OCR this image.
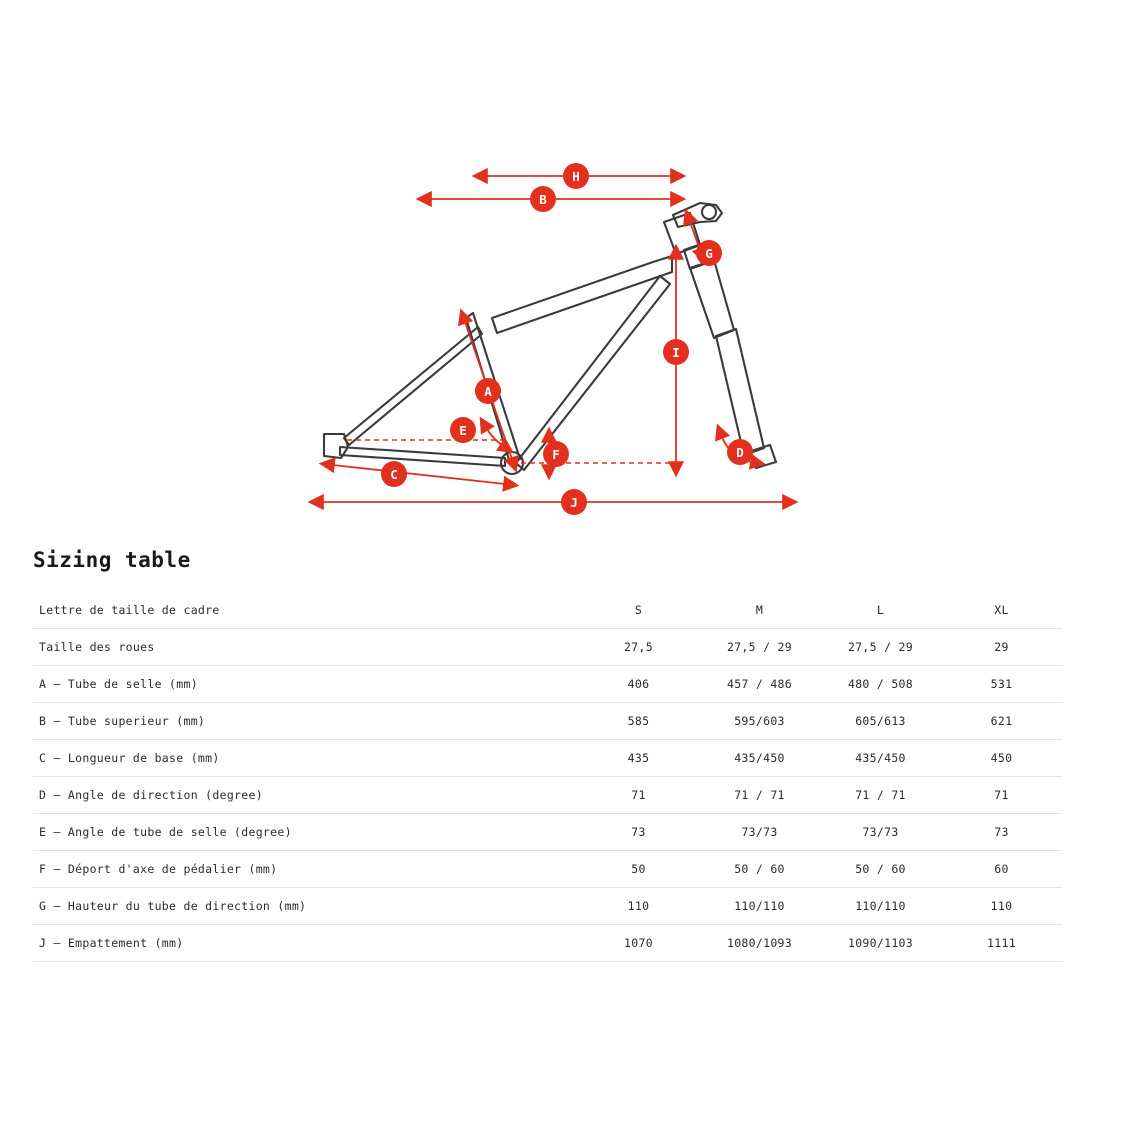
H
B
G
I
A
E
F	D
C
J
Sizing table
Lettre de taille de cadre	S	M	L	XL
Taille des roues	27,5	27,5 / 29	27,5 / 29	29
A – Tube de selle (mm)	406	457 / 486	480 / 508	531
B – Tube superieur (mm)	585	595/603	605/613	621
C – Longueur de base (mm)	435	435/450	435/450	450
D – Angle de direction (degree)	71	71 / 71	71 / 71	71
E – Angle de tube de selle (degree)	73	73/73	73/73	73
F – Déport d'axe de pédalier (mm)	50	50 / 60	50 / 60	60
G – Hauteur du tube de direction (mm)	110	110/110	110/110	110
J – Empattement (mm)	1070	1080/1093	1090/1103	1111
